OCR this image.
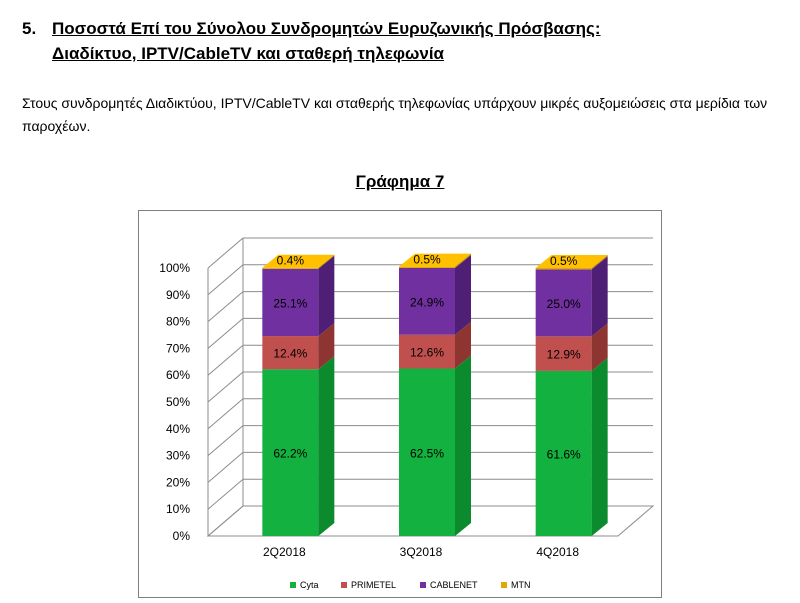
5. Ποσοστά Επί του Σύνολου Συνδρομητών Ευρυζωνικής Πρόσβασης:
Διαδίκτυο, IPTV/CableTV και σταθερή τηλεφωνία
Στους συνδρομητές Διαδικτύου, IPTV/CableTV και σταθερής τηλεφωνίας υπάρχουν μικρές αυξομειώσεις στα μερίδια των παροχέων.
Γράφημα 7
0%
10%
20%
30%
40%
50%
60%
70%
80%
90%
100%
62.2%
12.4%
25.1%
0.4%
2Q2018
62.5%
12.6%
24.9%
0.5%
3Q2018
61.6%
12.9%
25.0%
0.5%
4Q2018
Cyta	PRIMETEL	CABLENET	MTN
